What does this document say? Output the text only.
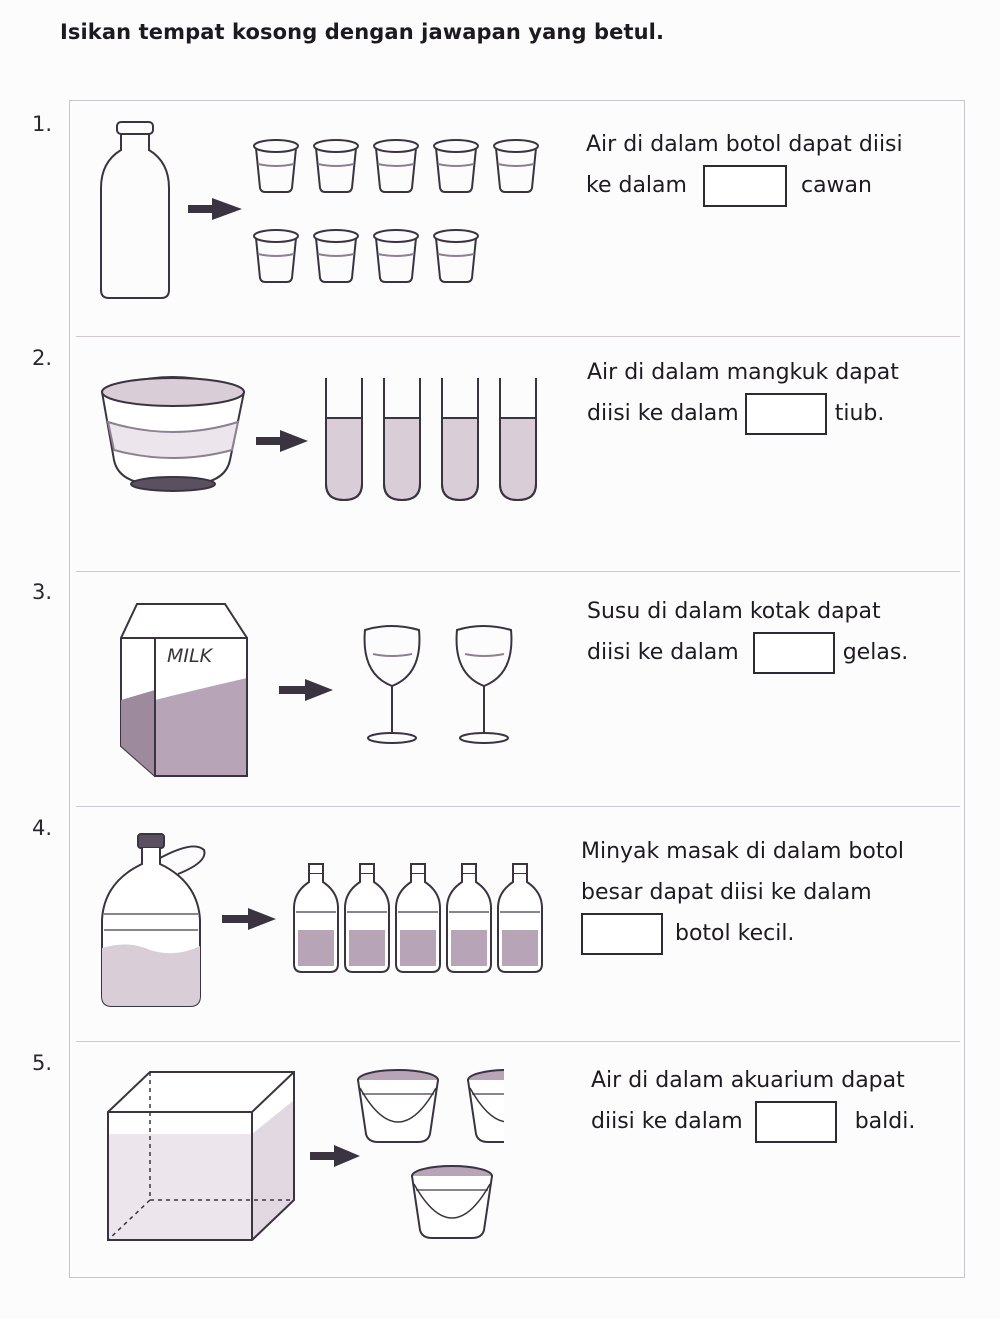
Isikan tempat kosong dengan jawapan yang betul.
1.
2.
3.
4.
5.
Air di dalam botol dapat diisi
ke dalam	cawan
Air di dalam mangkuk dapat
diisi ke dalam	tiub.
MILK
Susu di dalam kotak dapat
diisi ke dalam	gelas.
Minyak masak di dalam botol
besar dapat diisi ke dalam
botol kecil.
Air di dalam akuarium dapat
diisi ke dalam	baldi.
